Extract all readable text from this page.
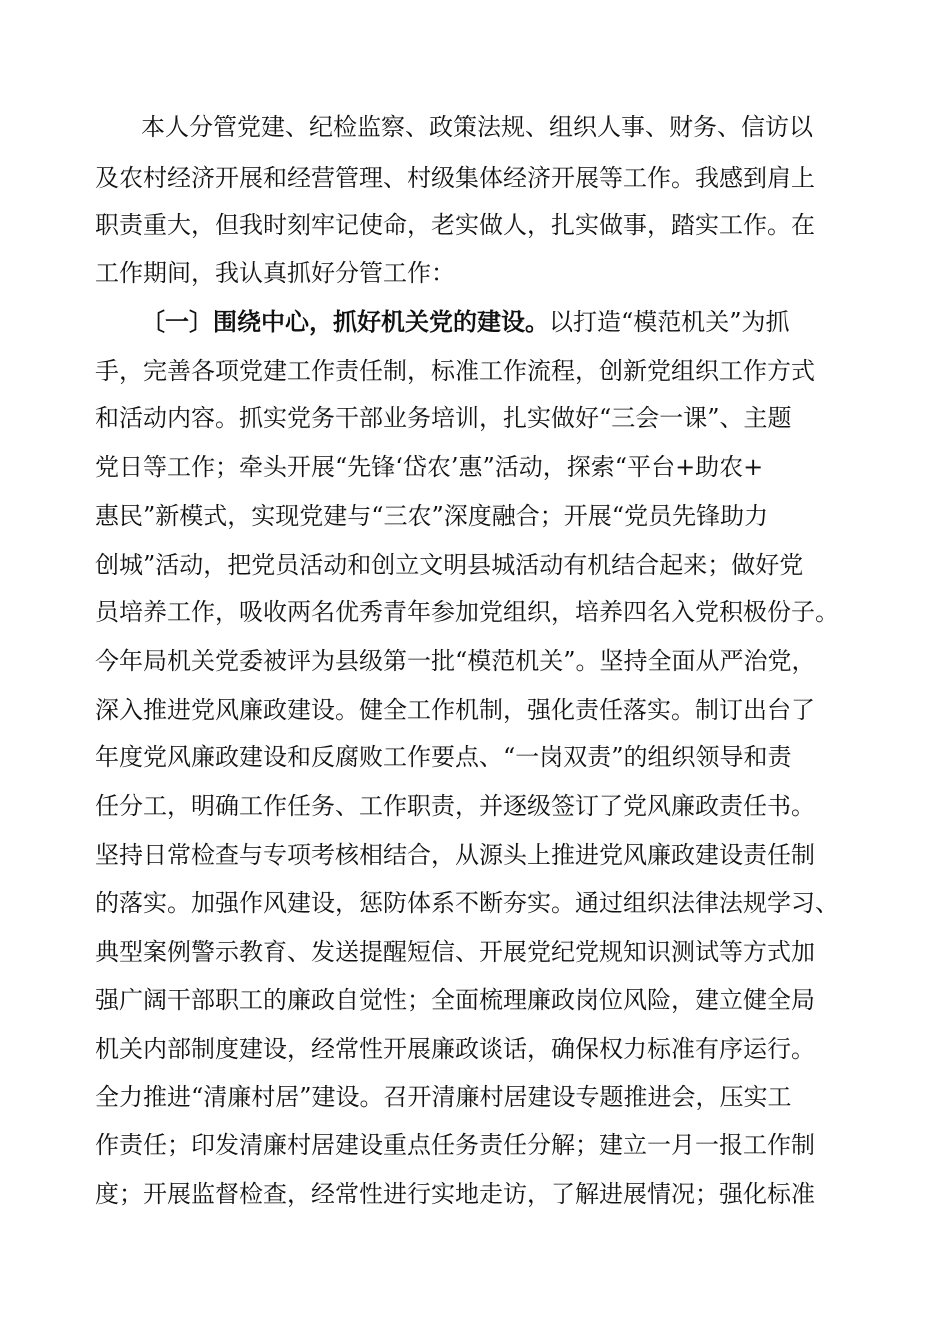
本人分管党建、纪检监察、政策法规、组织人事、财务、信访以
及农村经济开展和经营管理、村级集体经济开展等工作。我感到肩上
职责重大，但我时刻牢记使命，老实做人，扎实做事，踏实工作。在
工作期间，我认真抓好分管工作：
〔一〕围绕中心，抓好机关党的建设。以打造“模范机关”为抓
手，完善各项党建工作责任制，标准工作流程，创新党组织工作方式
和活动内容。抓实党务干部业务培训，扎实做好“三会一课”、主题
党日等工作；牵头开展“先锋‘岱农’惠”活动，探索“平台+助农+
惠民”新模式，实现党建与“三农”深度融合；开展“党员先锋助力
创城”活动，把党员活动和创立文明县城活动有机结合起来；做好党
员培养工作，吸收两名优秀青年参加党组织，培养四名入党积极份子。
今年局机关党委被评为县级第一批“模范机关”。坚持全面从严治党，
深入推进党风廉政建设。健全工作机制，强化责任落实。制订出台了
年度党风廉政建设和反腐败工作要点、“一岗双责”的组织领导和责
任分工，明确工作任务、工作职责，并逐级签订了党风廉政责任书。
坚持日常检查与专项考核相结合，从源头上推进党风廉政建设责任制
的落实。加强作风建设，惩防体系不断夯实。通过组织法律法规学习、
典型案例警示教育、发送提醒短信、开展党纪党规知识测试等方式加
强广阔干部职工的廉政自觉性；全面梳理廉政岗位风险，建立健全局
机关内部制度建设，经常性开展廉政谈话，确保权力标准有序运行。
全力推进“清廉村居”建设。召开清廉村居建设专题推进会，压实工
作责任；印发清廉村居建设重点任务责任分解；建立一月一报工作制
度；开展监督检查，经常性进行实地走访，了解进展情况；强化标准
